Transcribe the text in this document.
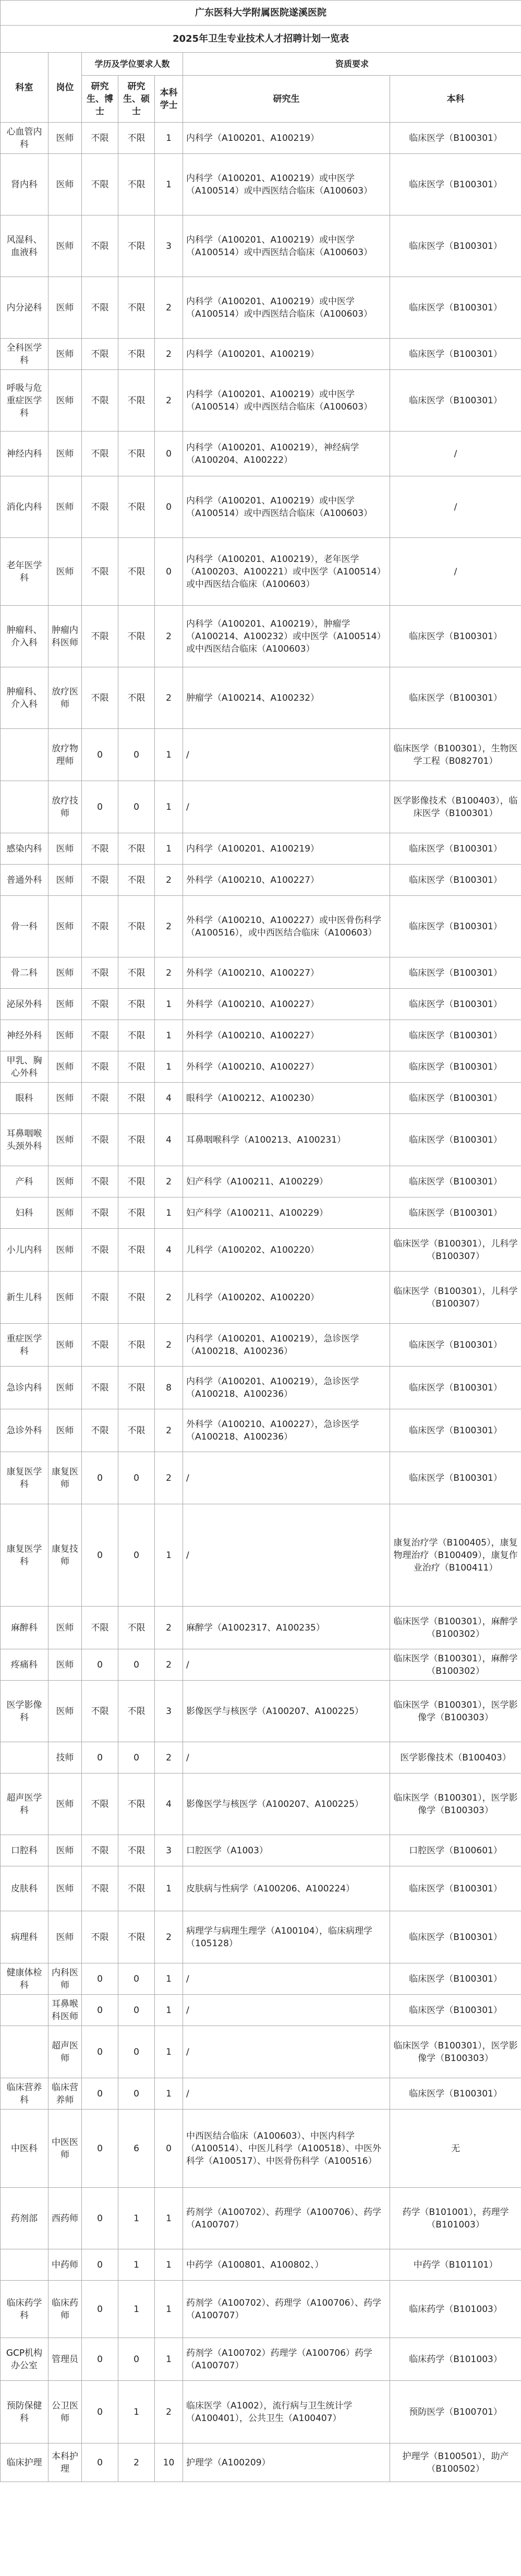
广东医科大学附属医院遂溪医院						
2025年卫生专业技术人才招聘计划一览表						
科室	岗位	学历及学位要求人数			资质要求	
		研究生、博士	研究生、硕士	本科学士	研究生	本科
心血管内科	医师	不限	不限	1	内科学（A100201、A100219）	临床医学（B100301）
肾内科	医师	不限	不限	1	内科学（A100201、A100219）或中医学（A100514）或中西医结合临床（A100603）	临床医学（B100301）
风湿科、血液科	医师	不限	不限	3	内科学（A100201、A100219）或中医学（A100514）或中西医结合临床（A100603）	临床医学（B100301）
内分泌科	医师	不限	不限	2	内科学（A100201、A100219）或中医学（A100514）或中西医结合临床（A100603）	临床医学（B100301）
全科医学科	医师	不限	不限	2	内科学（A100201、A100219）	临床医学（B100301）
呼吸与危重症医学科	医师	不限	不限	2	内科学（A100201、A100219）或中医学（A100514）或中西医结合临床（A100603）	临床医学（B100301）
神经内科	医师	不限	不限	0	内科学（A100201、A100219），神经病学（A100204、A100222）	/
消化内科	医师	不限	不限	0	内科学（A100201、A100219）或中医学（A100514）或中西医结合临床（A100603）	/
老年医学科	医师	不限	不限	0	内科学（A100201、A100219），老年医学（A100203、A100221）或中医学（A100514）或中西医结合临床（A100603）	/
肿瘤科、介入科	肿瘤内科医师	不限	不限	2	内科学（A100201、A100219），肿瘤学（A100214、A100232）或中医学（A100514）或中西医结合临床（A100603）	临床医学（B100301）
肿瘤科、介入科	放疗医师	不限	不限	2	肿瘤学（A100214、A100232）	临床医学（B100301）
	放疗物理师	0	0	1	/	临床医学（B100301），生物医学工程（B082701）
	放疗技师	0	0	1	/	医学影像技术（B100403），临床医学（B100301）
感染内科	医师	不限	不限	1	内科学（A100201、A100219）	临床医学（B100301）
普通外科	医师	不限	不限	2	外科学（A100210、A100227）	临床医学（B100301）
骨一科	医师	不限	不限	2	外科学（A100210、A100227）或中医骨伤科学（A100516），或中西医结合临床（A100603）	临床医学（B100301）
骨二科	医师	不限	不限	2	外科学（A100210、A100227）	临床医学（B100301）
泌尿外科	医师	不限	不限	1	外科学（A100210、A100227）	临床医学（B100301）
神经外科	医师	不限	不限	1	外科学（A100210、A100227）	临床医学（B100301）
甲乳、胸心外科	医师	不限	不限	1	外科学（A100210、A100227）	临床医学（B100301）
眼科	医师	不限	不限	4	眼科学（A100212、A100230）	临床医学（B100301）
耳鼻咽喉头颈外科	医师	不限	不限	4	耳鼻咽喉科学（A100213、A100231）	临床医学（B100301）
产科	医师	不限	不限	2	妇产科学（A100211、A100229）	临床医学（B100301）
妇科	医师	不限	不限	1	妇产科学（A100211、A100229）	临床医学（B100301）
小儿内科	医师	不限	不限	4	儿科学（A100202、A100220）	临床医学（B100301），儿科学（B100307）
新生儿科	医师	不限	不限	2	儿科学（A100202、A100220）	临床医学（B100301），儿科学（B100307）
重症医学科	医师	不限	不限	2	内科学（A100201、A100219），急诊医学（A100218、A100236）	临床医学（B100301）
急诊内科	医师	不限	不限	8	内科学（A100201、A100219），急诊医学（A100218、A100236）	临床医学（B100301）
急诊外科	医师	不限	不限	2	外科学（A100210、A100227），急诊医学（A100218、A100236）	临床医学（B100301）
康复医学科	康复医师	0	0	2	/	临床医学（B100301）
康复医学科	康复技师	0	0	1	/	康复治疗学（B100405），康复物理治疗（B100409），康复作业治疗（B100411）
麻醉科	医师	不限	不限	2	麻醉学（A1002317、A100235）	临床医学（B100301），麻醉学（B100302）
疼痛科	医师	0	0	2	/	临床医学（B100301），麻醉学（B100302）
医学影像科	医师	不限	不限	3	影像医学与核医学（A100207、A100225）	临床医学（B100301），医学影像学（B100303）
	技师	0	0	2	/	医学影像技术（B100403）
超声医学科	医师	不限	不限	4	影像医学与核医学（A100207、A100225）	临床医学（B100301），医学影像学（B100303）
口腔科	医师	不限	不限	3	口腔医学（A1003）	口腔医学（B100601）
皮肤科	医师	不限	不限	1	皮肤病与性病学（A100206、A100224）	临床医学（B100301）
病理科	医师	不限	不限	2	病理学与病理生理学（A100104），临床病理学（105128）	临床医学（B100301）
健康体检科	内科医师	0	0	1	/	临床医学（B100301）
	耳鼻喉科医师	0	0	1	/	临床医学（B100301）
	超声医师	0	0	1	/	临床医学（B100301），医学影像学（B100303）
临床营养科	临床营养师	0	0	1	/	临床医学（B100301）
中医科	中医医师	0	6	0	中西医结合临床（A100603）、中医内科学（A100514）、中医儿科学（A100518）、中医外科学（A100517）、中医骨伤科学（A100516）	无
药剂部	西药师	0	1	1	药剂学（A100702）、药理学（A100706）、药学（A100707）	药学（B101001），药理学（B101003）
	中药师	0	1	1	中药学（A100801、A100802、）	中药学（B101101）
临床药学科	临床药师	0	1	1	药剂学（A100702）、药理学（A100706）、药学（A100707）	临床药学（B101003）
GCP机构办公室	管理员	0	0	1	药剂学（A100702）药理学（A100706）药学（A100707）	临床药学（B101003）
预防保健科	公卫医师	0	1	2	临床医学（A1002），流行病与卫生统计学（A100401），公共卫生（A100407）	预防医学（B100701）
临床护理	本科护理	0	2	10	护理学（A100209）	护理学（B100501），助产（B100502）
